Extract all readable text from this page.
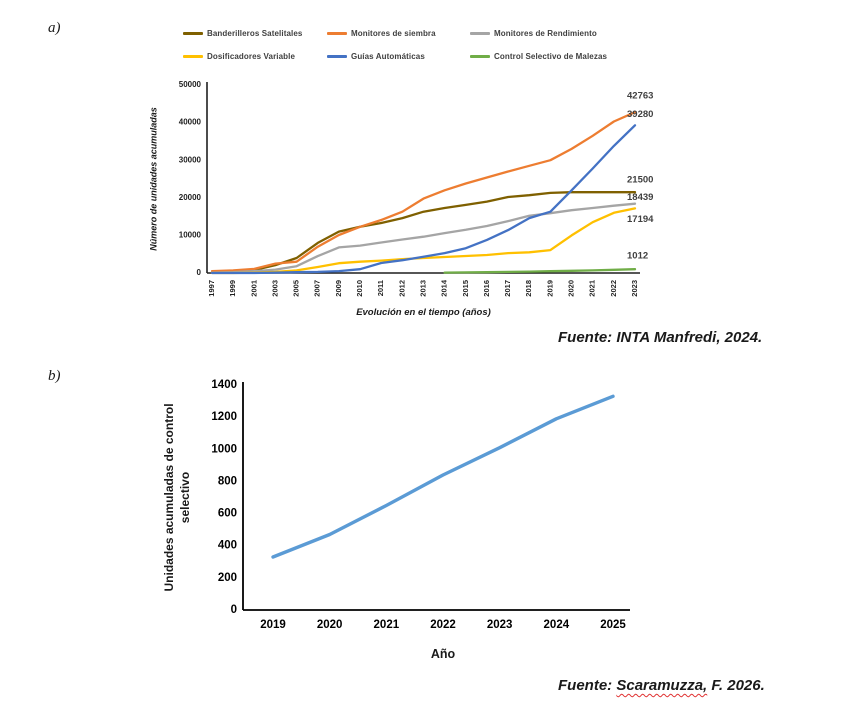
a)	Banderilleros Satelitales	Monitores de siembra	Monitores de Rendimiento
Dosificadores Variable	Guías Automáticas	Control Selectivo de Malezas
0
10000
20000
30000
40000
50000
1997 1999 2001 2003 2005 2007 2009 2010 2011 2012 2013 2014 2015 2016 2017 2018 2019 2020 2021 2022 2023
Evolución en el tiempo (años)
Número de unidades acumuladas	21500
42763
18439
17194
39280
1012
Fuente: INTA Manfredi, 2024.
b)
0
200
400
600
800
1000
1200
1400
2019	2020	2021	2022	2023	2024	2025
Año
Unidades acumuladas de control selectivo
Fuente: Scaramuzza, F. 2026.
